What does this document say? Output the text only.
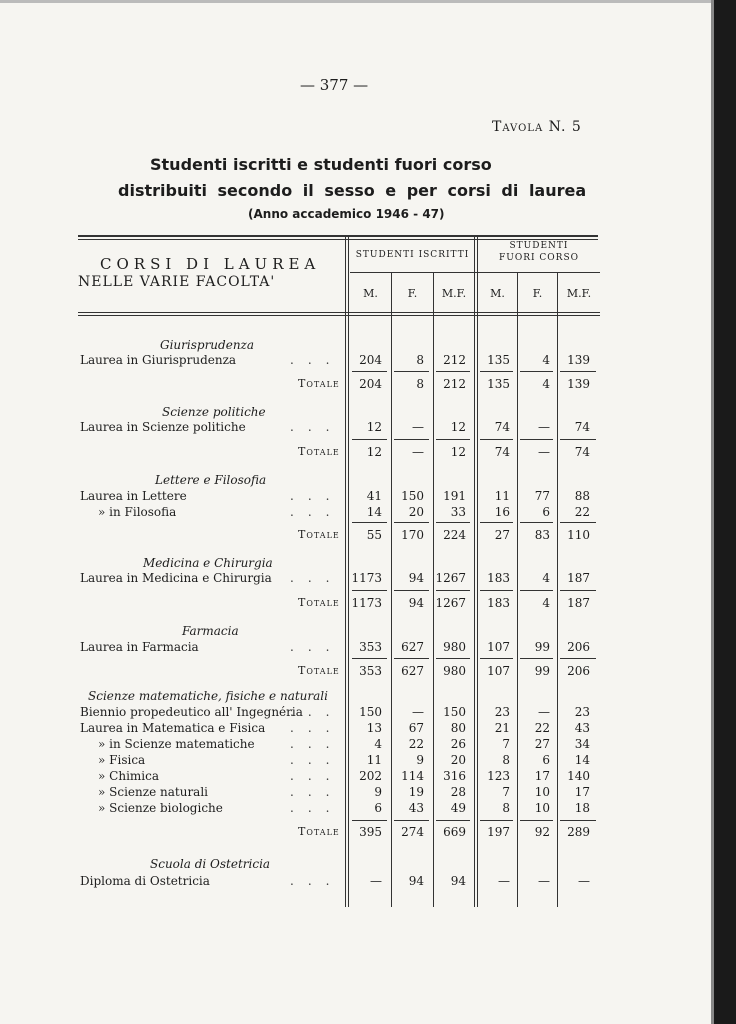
— 377 —
Tavola N. 5
Studenti iscritti e studenti fuori corso
distribuiti secondo il sesso e per corsi di laurea
(Anno accademico 1946 - 47)
CORSI DI LAUREA
NELLE VARIE FACOLTA'
STUDENTI ISCRITTI
STUDENTI
FUORI CORSO
M.	F.	M.F.	M.	F.	M.F.
Giurisprudenza
Laurea in Giurisprudenza	...	204	8	212	135	4	139
Totale	204	8	212	135	4	139
Scienze politiche
Laurea in Scienze politiche	...	12	—	12	74	—	74
Totale	12	—	12	74	—	74
Lettere e Filosofia
Laurea in Lettere	...	41	150	191	11	77	88
» in Filosofia	...	14	20	33	16	6	22
Totale	55	170	224	27	83	110
Medicina e Chirurgia
Laurea in Medicina e Chirurgia ... 1173	94 1267	183	4	187
Totale 1173	94 1267	183	4	187
Farmacia
Laurea in Farmacia	...	353	627	980	107	99	206
Totale	353	627	980	107	99	206
Scienze matematiche, fisiche e naturali
Biennio propedeutico all' Ingegnéria
...	150	—	150	23	—	23
Laurea in Matematica e Fisica ...	13	67	80	21	22	43
» in Scienze matematiche	...	4	22	26	7	27	34
» Fisica	...	11	9	20	8	6	14
» Chimica	...	202	114	316	123	17	140
» Scienze naturali	...	9	19	28	7	10	17
» Scienze biologiche	...	6	43	49	8	10	18
Totale	395	274	669	197	92	289
Scuola di Ostetricia
Diploma di Ostetricia	...	—	94	94	—	—	—
